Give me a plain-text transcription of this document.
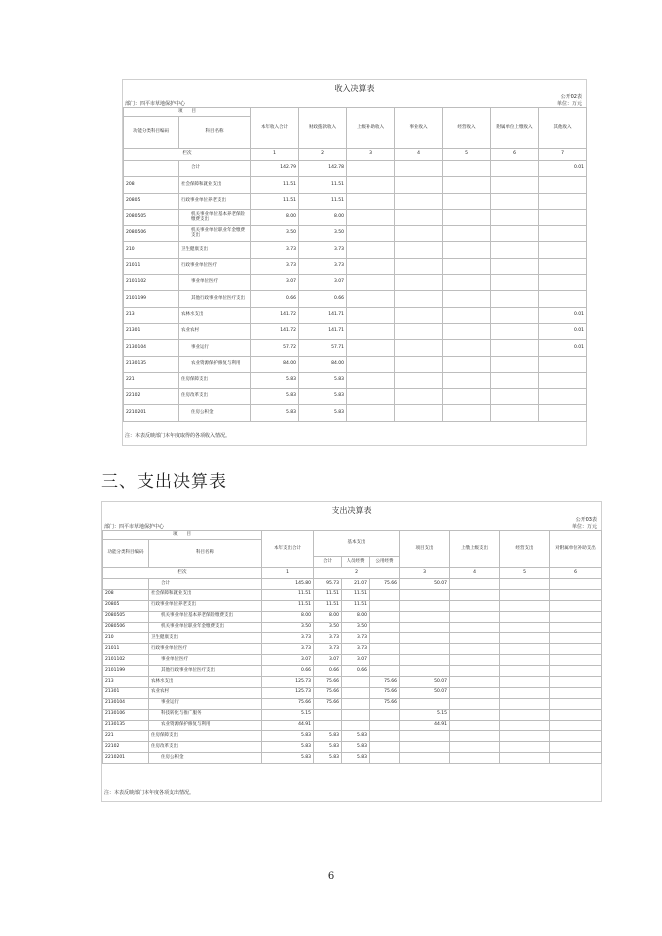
收入决算表
公开02表
部门：四平市草地保护中心	单位：万元
项　　目		本年收入合计	财政拨款收入	上级补助收入	事业收入	经营收入	附属单位上缴收入	其他收入
功能分类科目编码	科目名称							
栏次		1	2	3	4	5	6	7
	合计	142.79	142.78					0.01
208	社会保障和就业支出	11.51	11.51					
20805	行政事业单位养老支出	11.51	11.51					
2080505	机关事业单位基本养老保险缴费支出	8.00	8.00					
2080506	机关事业单位职业年金缴费支出	3.50	3.50					
210	卫生健康支出	3.73	3.73					
21011	行政事业单位医疗	3.73	3.73					
2101102	事业单位医疗	3.07	3.07					
2101199	其他行政事业单位医疗支出	0.66	0.66					
213	农林水支出	141.72	141.71					0.01
21301	农业农村	141.72	141.71					0.01
2130104	事业运行	57.72	57.71					0.01
2130135	农业资源保护修复与利用	84.00	84.00					
221	住房保障支出	5.83	5.83					
22102	住房改革支出	5.83	5.83					
2210201	住房公积金	5.83	5.83					
注：本表反映部门本年度取得的各项收入情况。
三、支出决算表
支出决算表
公开03表
部门：四平市草地保护中心	单位：万元
项　　目		本年支出合计	基本支出			项目支出	上缴上级支出	经营支出	对附属单位补助支出
功能分类科目编码	科目名称								
			合计	人员经费	公用经费				
栏次		1	2			3	4	5	6
	合计	145.80	95.73	21.07	75.66	50.07			
208	社会保障和就业支出	11.51	11.51	11.51					
20805	行政事业单位养老支出	11.51	11.51	11.51					
2080505	机关事业单位基本养老保险缴费支出	8.00	8.00	8.00					
2080506	机关事业单位职业年金缴费支出	3.50	3.50	3.50					
210	卫生健康支出	3.73	3.73	3.73					
21011	行政事业单位医疗	3.73	3.73	3.73					
2101102	事业单位医疗	3.07	3.07	3.07					
2101199	其他行政事业单位医疗支出	0.66	0.66	0.66					
213	农林水支出	125.73	75.66		75.66	50.07			
21301	农业农村	125.73	75.66		75.66	50.07			
2130104	事业运行	75.66	75.66		75.66				
2130106	科技转化与推广服务	5.15				5.15			
2130135	农业资源保护修复与利用	44.91				44.91			
221	住房保障支出	5.83	5.83	5.83					
22102	住房改革支出	5.83	5.83	5.83					
2210201	住房公积金	5.83	5.83	5.83					
注：本表反映部门本年度各项支出情况。
6
